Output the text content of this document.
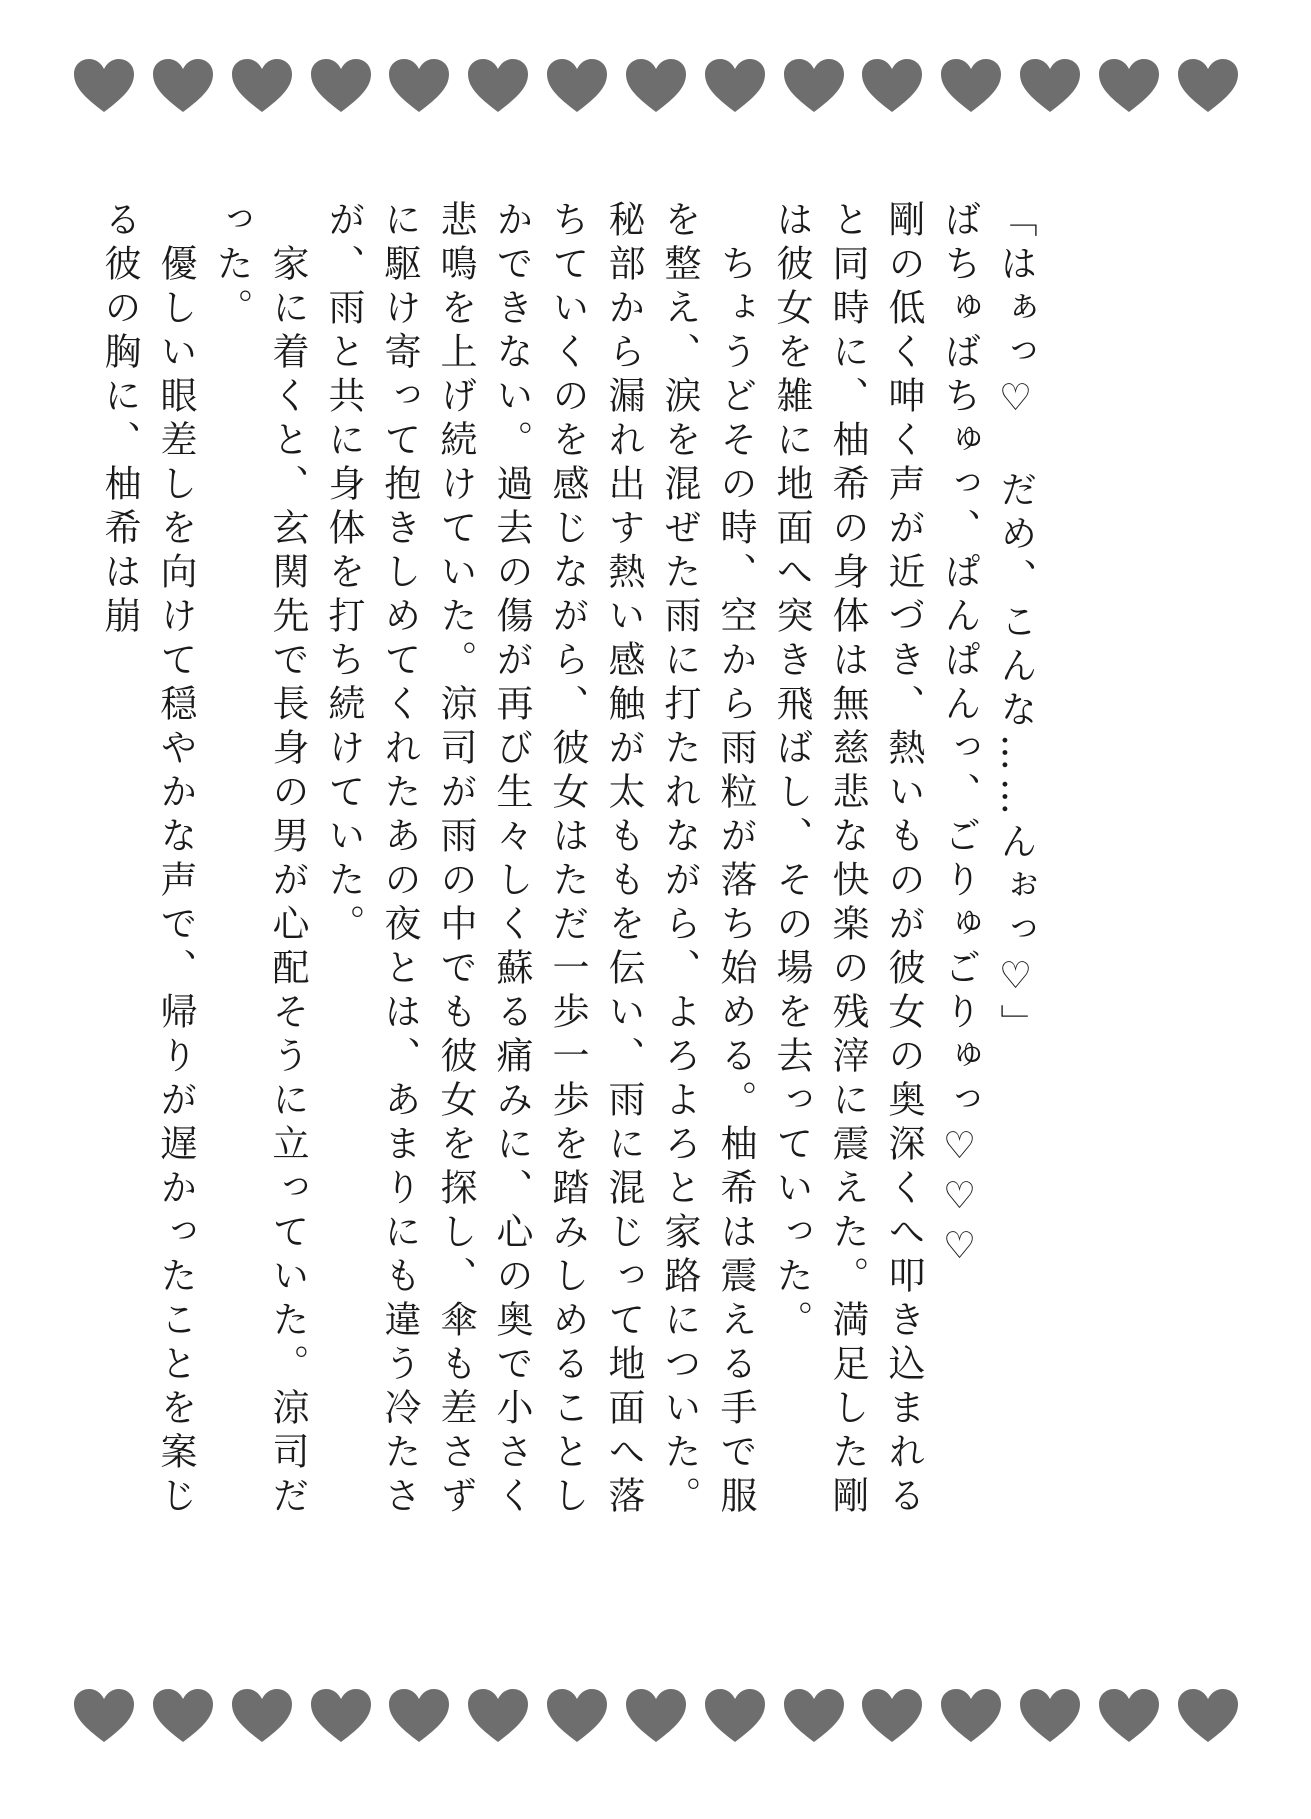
「はぁっ♡　だめ、こんな……んぉっ♡」

ばちゅばちゅっ、ぱんぱんっ、ごりゅごりゅっ♡♡♡

剛の低く呻く声が近づき、熱いものが彼女の奥深くへ叩き込まれると同時に、柚希の身体は無慈悲な快楽の残滓に震えた。満足した剛は彼女を雑に地面へ突き飛ばし、その場を去っていった。

　ちょうどその時、空から雨粒が落ち始める。柚希は震える手で服を整え、涙を混ぜた雨に打たれながら、よろよろと家路についた。秘部から漏れ出す熱い感触が太ももを伝い、雨に混じって地面へ落ちていくのを感じながら、彼女はただ一歩一歩を踏みしめることしかできない。過去の傷が再び生々しく蘇る痛みに、心の奥で小さく悲鳴を上げ続けていた。涼司が雨の中でも彼女を探し、傘も差さずに駆け寄って抱きしめてくれたあの夜とは、あまりにも違う冷たさが、雨と共に身体を打ち続けていた。

　家に着くと、玄関先で長身の男が心配そうに立っていた。涼司だった。

　優しい眼差しを向けて穏やかな声で、帰りが遅かったことを案じる彼の胸に、柚希は崩
